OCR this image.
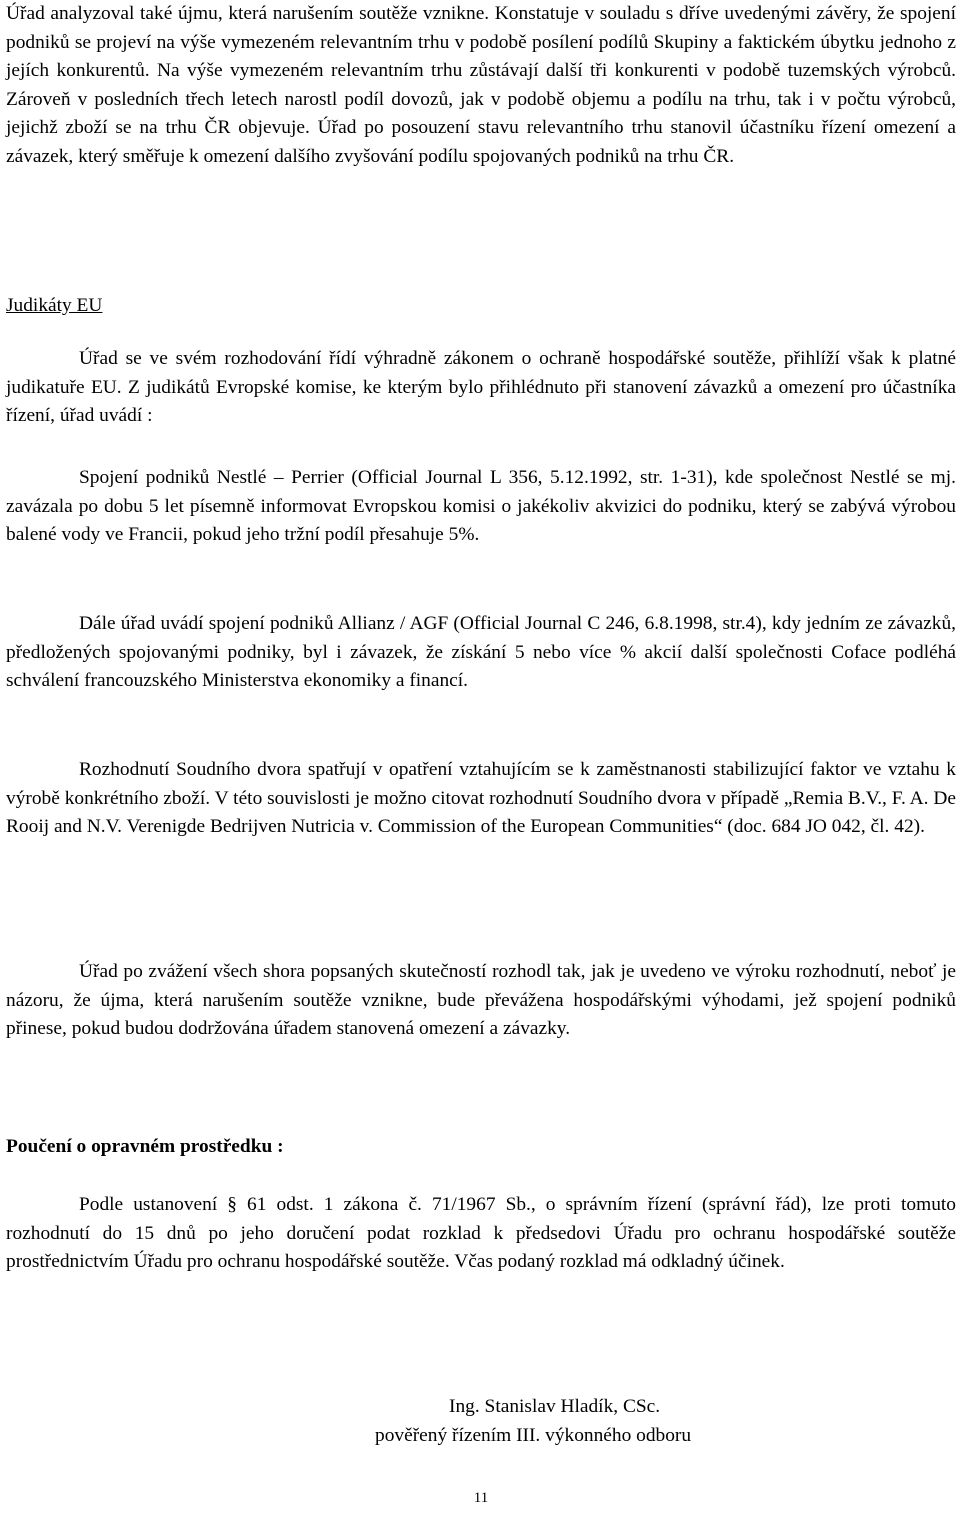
Úřad analyzoval také újmu, která narušením soutěže vznikne. Konstatuje v souladu s dříve uvedenými závěry, že spojení podniků se projeví na výše vymezeném relevantním trhu v podobě posílení podílů Skupiny a faktickém úbytku jednoho z jejích konkurentů. Na výše vymezeném relevantním trhu zůstávají další tři konkurenti v podobě tuzemských výrobců. Zároveň v posledních třech letech narostl podíl dovozů, jak v podobě objemu a podílu na trhu, tak i v počtu výrobců, jejichž zboží se na trhu ČR objevuje. Úřad po posouzení stavu relevantního trhu stanovil účastníku řízení omezení a závazek, který směřuje k omezení dalšího zvyšování podílu spojovaných podniků na trhu ČR.

Judikáty EU

Úřad se ve svém rozhodování řídí výhradně zákonem o ochraně hospodářské soutěže, přihlíží však k platné judikatuře EU. Z judikátů Evropské komise, ke kterým bylo přihlédnuto při stanovení závazků a omezení pro účastníka řízení, úřad uvádí :

Spojení podniků Nestlé – Perrier (Official Journal L 356, 5.12.1992, str. 1-31), kde společnost Nestlé se mj. zavázala po dobu 5 let písemně informovat Evropskou komisi o jakékoliv akvizici do podniku, který se zabývá výrobou balené vody ve Francii, pokud jeho tržní podíl přesahuje 5%.

Dále úřad uvádí spojení podniků Allianz / AGF (Official Journal C 246, 6.8.1998, str.4), kdy jedním ze závazků, předložených spojovanými podniky, byl i závazek, že získání 5 nebo více % akcií další společnosti Coface podléhá schválení francouzského Ministerstva ekonomiky a financí.

Rozhodnutí Soudního dvora spatřují v opatření vztahujícím se k zaměstnanosti stabilizující faktor ve vztahu k výrobě konkrétního zboží. V této souvislosti je možno citovat rozhodnutí Soudního dvora v případě „Remia B.V., F. A. De Rooij and N.V. Verenigde Bedrijven Nutricia v. Commission of the European Communities“ (doc. 684 JO 042, čl. 42).

Úřad po zvážení všech shora popsaných skutečností rozhodl tak, jak je uvedeno ve výroku rozhodnutí, neboť je názoru, že újma, která narušením soutěže vznikne, bude převážena hospodářskými výhodami, jež spojení podniků přinese, pokud budou dodržována úřadem stanovená omezení a závazky.

Poučení o opravném prostředku :

Podle ustanovení § 61 odst. 1 zákona č. 71/1967 Sb., o správním řízení (správní řád), lze proti tomuto rozhodnutí do 15 dnů po jeho doručení podat rozklad k předsedovi Úřadu pro ochranu hospodářské soutěže prostřednictvím Úřadu pro ochranu hospodářské soutěže. Včas podaný rozklad má odkladný účinek.

Ing. Stanislav Hladík, CSc.

pověřený řízením III. výkonného odboru

11
